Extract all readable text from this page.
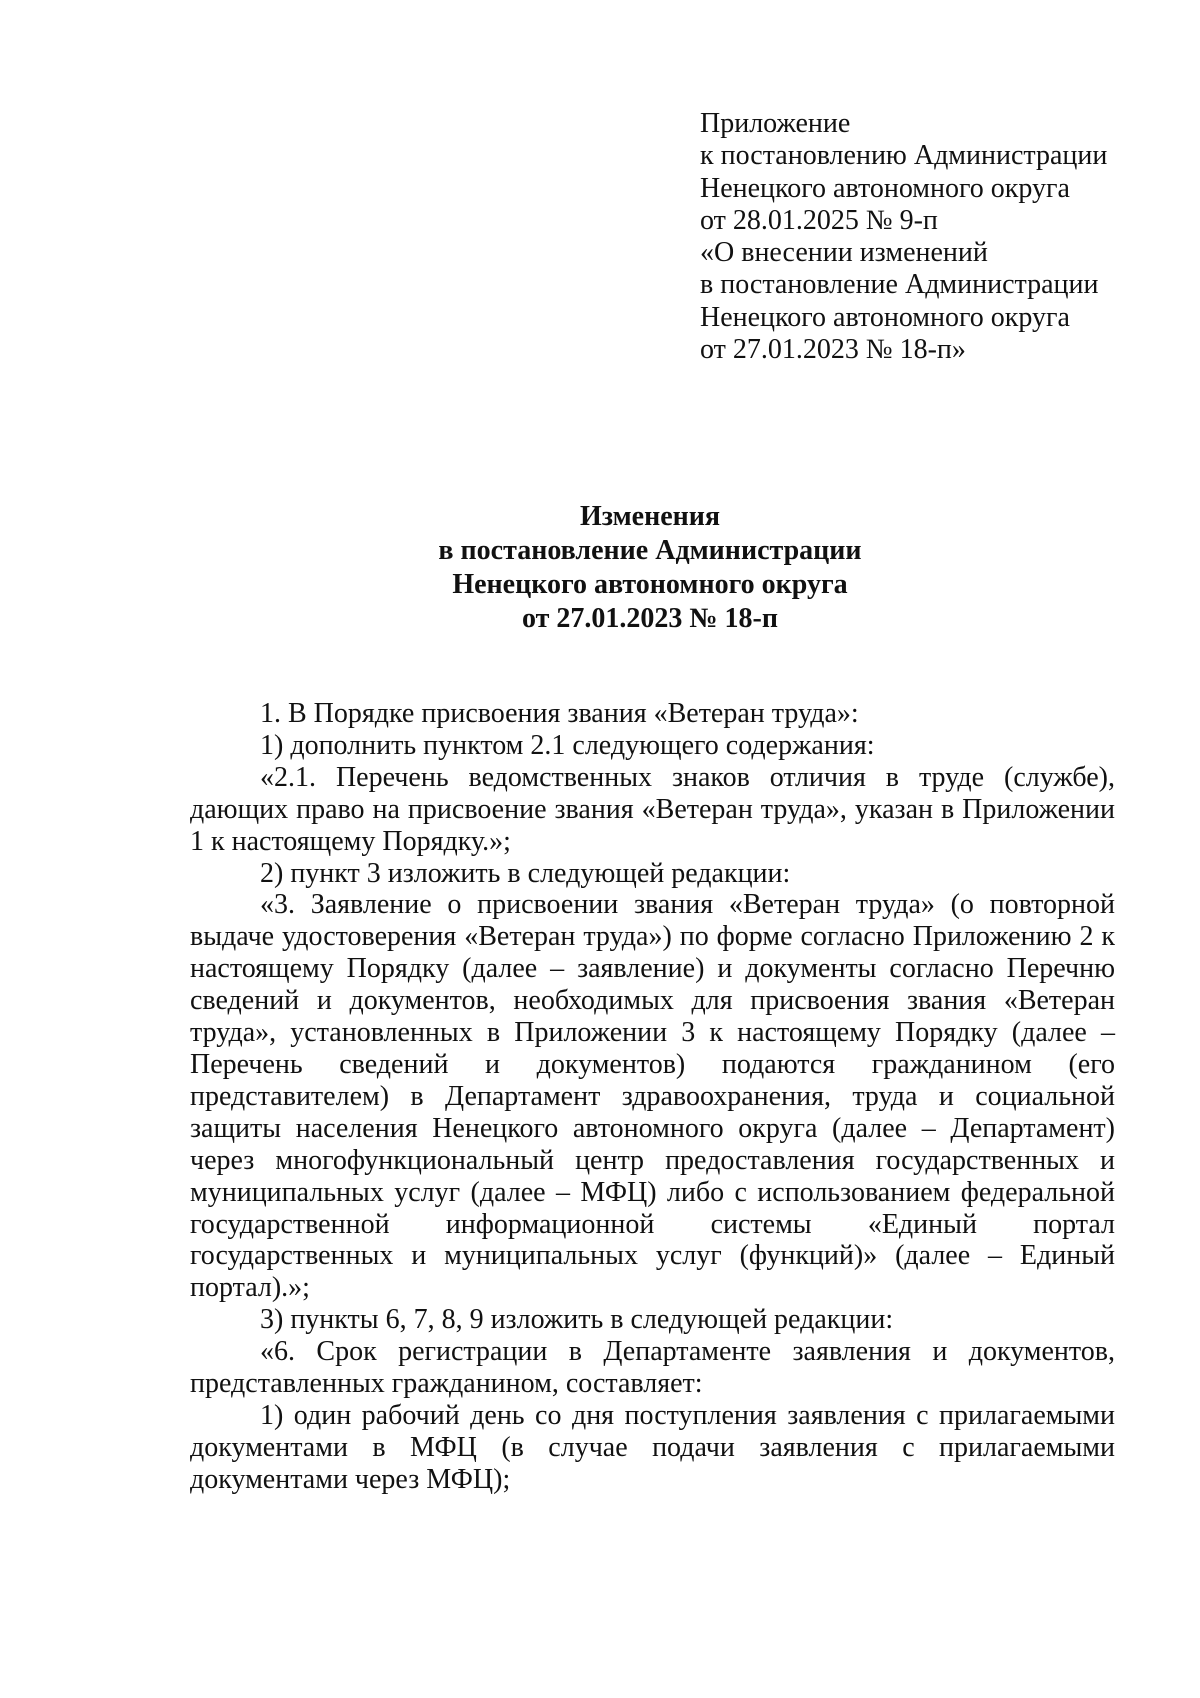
Приложение
к постановлению Администрации
Ненецкого автономного округа
от 28.01.2025 № 9-п
«О внесении изменений
в постановление Администрации
Ненецкого автономного округа
от 27.01.2023 № 18-п»
Изменения
в постановление Администрации
Ненецкого автономного округа
от 27.01.2023 № 18-п

1. В Порядке присвоения звания «Ветеран труда»:

1) дополнить пунктом 2.1 следующего содержания:

«2.1. Перечень ведомственных знаков отличия в труде (службе), дающих право на присвоение звания «Ветеран труда», указан в Приложении 1 к настоящему Порядку.»;

2) пункт 3 изложить в следующей редакции:

«3. Заявление о присвоении звания «Ветеран труда» (о повторной выдаче удостоверения «Ветеран труда») по форме согласно Приложению 2 к настоящему Порядку (далее – заявление) и документы согласно Перечню сведений и документов, необходимых для присвоения звания «Ветеран труда», установленных в Приложении 3 к настоящему Порядку (далее – Перечень сведений и документов) подаются гражданином (его представителем) в Департамент здравоохранения, труда и социальной защиты населения Ненецкого автономного округа (далее – Департамент) через многофункциональный центр предоставления государственных и муниципальных услуг (далее – МФЦ) либо с использованием федеральной государственной информационной системы «Единый портал государственных и муниципальных услуг (функций)» (далее – Единый портал).»;

3) пункты 6, 7, 8, 9 изложить в следующей редакции:

«6. Срок регистрации в Департаменте заявления и документов, представленных гражданином, составляет:

1) один рабочий день со дня поступления заявления с прилагаемыми документами в МФЦ (в случае подачи заявления с прилагаемыми документами через МФЦ);
